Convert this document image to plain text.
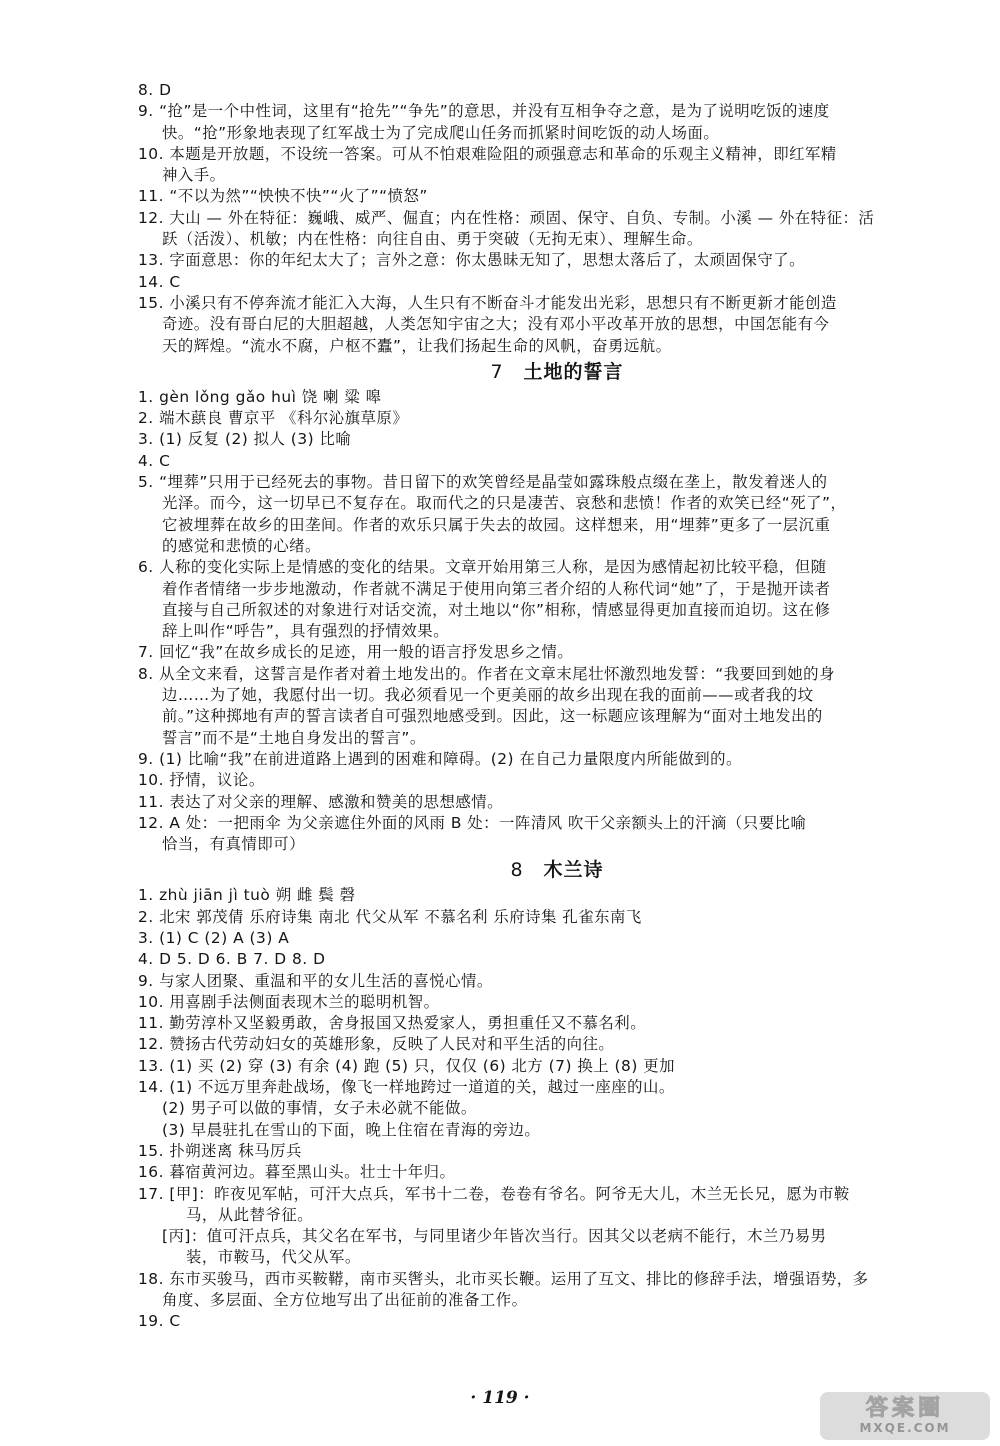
8. D
9. “抢”是一个中性词，这里有“抢先”“争先”的意思，并没有互相争夺之意，是为了说明吃饭的速度
快。“抢”形象地表现了红军战士为了完成爬山任务而抓紧时间吃饭的动人场面。
10. 本题是开放题，不设统一答案。可从不怕艰难险阻的顽强意志和革命的乐观主义精神，即红军精
神入手。
11. “不以为然”“怏怏不快”“火了”“愤怒”
12. 大山 — 外在特征：巍峨、威严、倔直；内在性格：顽固、保守、自负、专制。小溪 — 外在特征：活
跃（活泼）、机敏；内在性格：向往自由、勇于突破（无拘无束）、理解生命。
13. 字面意思：你的年纪太大了；言外之意：你太愚昧无知了，思想太落后了，太顽固保守了。
14. C
15. 小溪只有不停奔流才能汇入大海，人生只有不断奋斗才能发出光彩，思想只有不断更新才能创造
奇迹。没有哥白尼的大胆超越，人类怎知宇宙之大；没有邓小平改革开放的思想，中国怎能有今
天的辉煌。“流水不腐，户枢不蠹”，让我们扬起生命的风帆，奋勇远航。
7 土地的誓言
1. gèn lǒng gǎo huì 饶 喇 粱 嗥
2. 端木蕻良 曹京平 《科尔沁旗草原》
3. (1) 反复 (2) 拟人 (3) 比喻
4. C
5. “埋葬”只用于已经死去的事物。昔日留下的欢笑曾经是晶莹如露珠般点缀在垄上，散发着迷人的
光泽。而今，这一切早已不复存在。取而代之的只是凄苦、哀愁和悲愤！作者的欢笑已经“死了”，
它被埋葬在故乡的田垄间。作者的欢乐只属于失去的故园。这样想来，用“埋葬”更多了一层沉重
的感觉和悲愤的心绪。
6. 人称的变化实际上是情感的变化的结果。文章开始用第三人称，是因为感情起初比较平稳，但随
着作者情绪一步步地激动，作者就不满足于使用向第三者介绍的人称代词“她”了，于是抛开读者
直接与自己所叙述的对象进行对话交流，对土地以“你”相称，情感显得更加直接而迫切。这在修
辞上叫作“呼告”，具有强烈的抒情效果。
7. 回忆“我”在故乡成长的足迹，用一般的语言抒发思乡之情。
8. 从全文来看，这誓言是作者对着土地发出的。作者在文章末尾壮怀激烈地发誓：“我要回到她的身
边……为了她，我愿付出一切。我必须看见一个更美丽的故乡出现在我的面前——或者我的坟
前。”这种掷地有声的誓言读者自可强烈地感受到。因此，这一标题应该理解为“面对土地发出的
誓言”而不是“土地自身发出的誓言”。
9. (1) 比喻“我”在前进道路上遇到的困难和障碍。(2) 在自己力量限度内所能做到的。
10. 抒情，议论。
11. 表达了对父亲的理解、感激和赞美的思想感情。
12. A 处：一把雨伞 为父亲遮住外面的风雨 B 处：一阵清风 吹干父亲额头上的汗滴（只要比喻
恰当，有真情即可）
8 木兰诗
1. zhù jiān jì tuò 朔 雌 鬓 磬
2. 北宋 郭茂倩 乐府诗集 南北 代父从军 不慕名利 乐府诗集 孔雀东南飞
3. (1) C (2) A (3) A
4. D 5. D 6. B 7. D 8. D
9. 与家人团聚、重温和平的女儿生活的喜悦心情。
10. 用喜剧手法侧面表现木兰的聪明机智。
11. 勤劳淳朴又坚毅勇敢，舍身报国又热爱家人，勇担重任又不慕名利。
12. 赞扬古代劳动妇女的英雄形象，反映了人民对和平生活的向往。
13. (1) 买 (2) 穿 (3) 有余 (4) 跑 (5) 只，仅仅 (6) 北方 (7) 换上 (8) 更加
14. (1) 不远万里奔赴战场，像飞一样地跨过一道道的关，越过一座座的山。
(2) 男子可以做的事情，女子未必就不能做。
(3) 早晨驻扎在雪山的下面，晚上住宿在青海的旁边。
15. 扑朔迷离 秣马厉兵
16. 暮宿黄河边。暮至黑山头。壮士十年归。
17. [甲]：昨夜见军帖，可汗大点兵，军书十二卷，卷卷有爷名。阿爷无大儿，木兰无长兄，愿为市鞍
马，从此替爷征。
[丙]：值可汗点兵，其父名在军书，与同里诸少年皆次当行。因其父以老病不能行，木兰乃易男
装，市鞍马，代父从军。
18. 东市买骏马，西市买鞍鞯，南市买辔头，北市买长鞭。运用了互文、排比的修辞手法，增强语势，多
角度、多层面、全方位地写出了出征前的准备工作。
19. C
· 119 ·	答案圈
MXQE.COM
